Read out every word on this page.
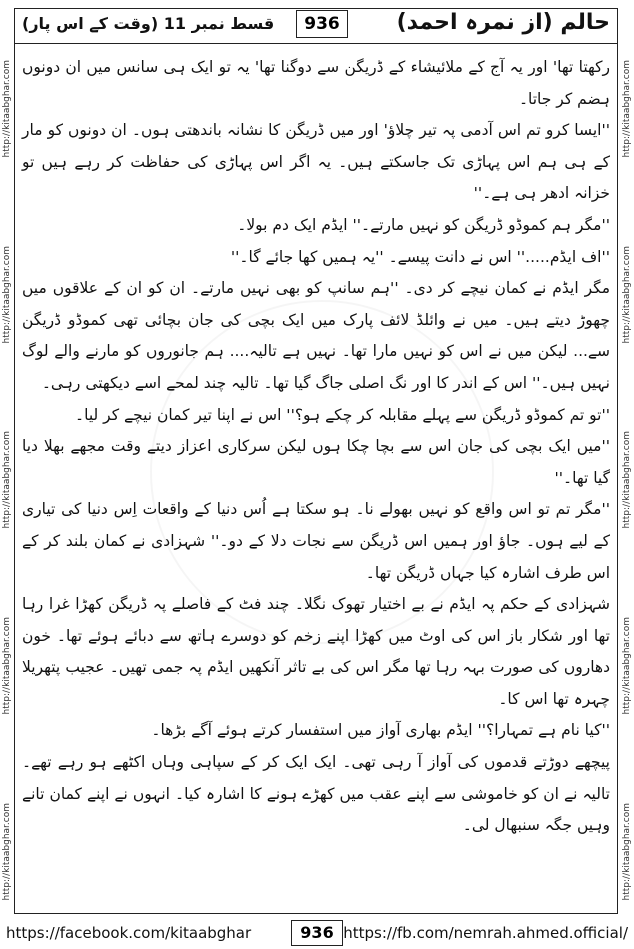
حالم (از نمرہ احمد)
936
قسط نمبر 11 (وقت کے اس پار)
http://kitaabghar.com
http://kitaabghar.com
http://kitaabghar.com
http://kitaabghar.com
http://kitaabghar.com
http://kitaabghar.com
http://kitaabghar.com
http://kitaabghar.com
http://kitaabghar.com
http://kitaabghar.com

رکھتا تھا' اور یہ آج کے ملائیشاء کے ڈریگن سے دوگنا تھا' یہ تو ایک ہی سانس میں ان دونوں ہضم کر جاتا۔

''ایسا کرو تم اس آدمی پہ تیر چلاؤ' اور میں ڈریگن کا نشانہ باندھتی ہوں۔ ان دونوں کو مار کے ہی ہم اس پہاڑی تک جاسکتے ہیں۔ یہ اگر اس پہاڑی کی حفاظت کر رہے ہیں تو خزانہ ادھر ہی ہے۔''

''مگر ہم کموڈو ڈریگن کو نہیں مارتے۔'' ایڈم ایک دم بولا۔

''اف ایڈم.....'' اس نے دانت پیسے۔ ''یہ ہمیں کھا جائے گا۔''

مگر ایڈم نے کمان نیچے کر دی۔ ''ہم سانپ کو بھی نہیں مارتے۔ ان کو ان کے علاقوں میں چھوڑ دیتے ہیں۔ میں نے وائلڈ لائف پارک میں ایک بچی کی جان بچائی تھی کموڈو ڈریگن سے... لیکن میں نے اس کو نہیں مارا تھا۔ نہیں ہے تالیہ.... ہم جانوروں کو مارنے والے لوگ نہیں ہیں۔'' اس کے اندر کا اور نگ اصلی جاگ گیا تھا۔ تالیہ چند لمحے اسے دیکھتی رہی۔

''تو تم کموڈو ڈریگن سے پہلے مقابلہ کر چکے ہو؟'' اس نے اپنا تیر کمان نیچے کر لیا۔

''میں ایک بچی کی جان اس سے بچا چکا ہوں لیکن سرکاری اعزاز دیتے وقت مجھے بھلا دیا گیا تھا۔''

''مگر تم تو اس واقع کو نہیں بھولے نا۔ ہو سکتا ہے اُس دنیا کے واقعات اِس دنیا کی تیاری کے لیے ہوں۔ جاؤ اور ہمیں اس ڈریگن سے نجات دلا کے دو۔'' شہزادی نے کمان بلند کر کے اس طرف اشارہ کیا جہاں ڈریگن تھا۔

شہزادی کے حکم پہ ایڈم نے بے اختیار تھوک نگلا۔ چند فٹ کے فاصلے پہ ڈریگن کھڑا غرا رہا تھا اور شکار باز اس کی اوٹ میں کھڑا اپنے زخم کو دوسرے ہاتھ سے دبائے ہوئے تھا۔ خون دھاروں کی صورت بہہ رہا تھا مگر اس کی بے تاثر آنکھیں ایڈم پہ جمی تھیں۔ عجیب پتھریلا چہرہ تھا اس کا۔

''کیا نام ہے تمہارا؟'' ایڈم بھاری آواز میں استفسار کرتے ہوئے آگے بڑھا۔

پیچھے دوڑتے قدموں کی آواز آ رہی تھی۔ ایک ایک کر کے سپاہی وہاں اکٹھے ہو رہے تھے۔ تالیہ نے ان کو خاموشی سے اپنے عقب میں کھڑے ہونے کا اشارہ کیا۔ انہوں نے اپنے کمان تانے وہیں جگہ سنبھال لی۔

https://facebook.com/kitaabghar	936 https://fb.com/nemrah.ahmed.official/
